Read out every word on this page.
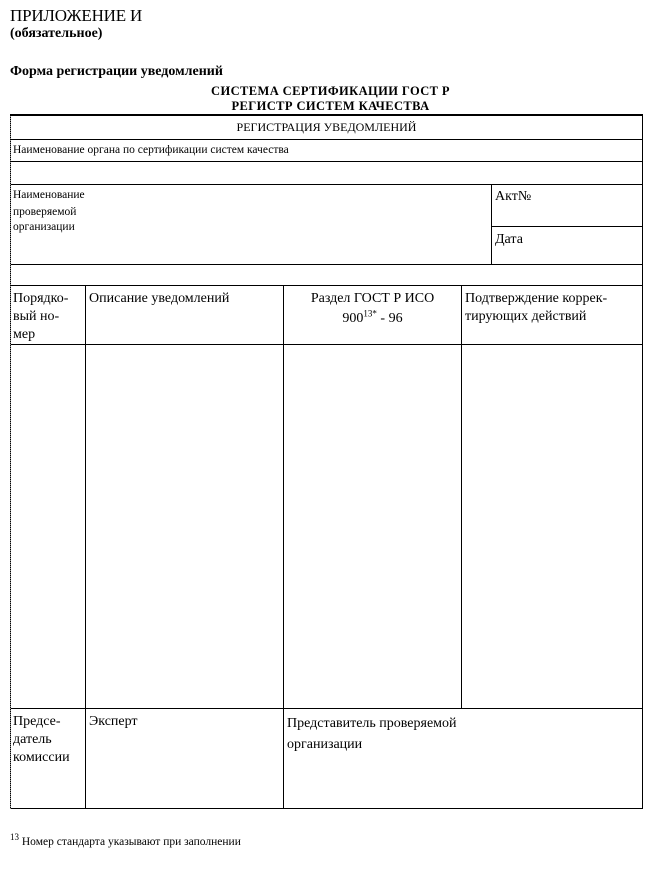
ПРИЛОЖЕНИЕ И
(обязательное)
Форма регистрации уведомлений
СИСТЕМА СЕРТИФИКАЦИИ ГОСТ Р
РЕГИСТР СИСТЕМ КАЧЕСТВА
РЕГИСТРАЦИЯ УВЕДОМЛЕНИЙ
Наименование органа по сертификации систем качества
Наименование
проверяемой
организации
Акт№
Дата
Порядко-
вый но-
мер
Описание уведомлений	Раздел ГОСТ Р ИСО
$900^{13*} - 96$
Подтверждение коррек-
тирующих действий
Предсе-
датель
комиссии
Эксперт	Представитель проверяемой
организации
$^{13}$ Номер стандарта указывают при заполнении
